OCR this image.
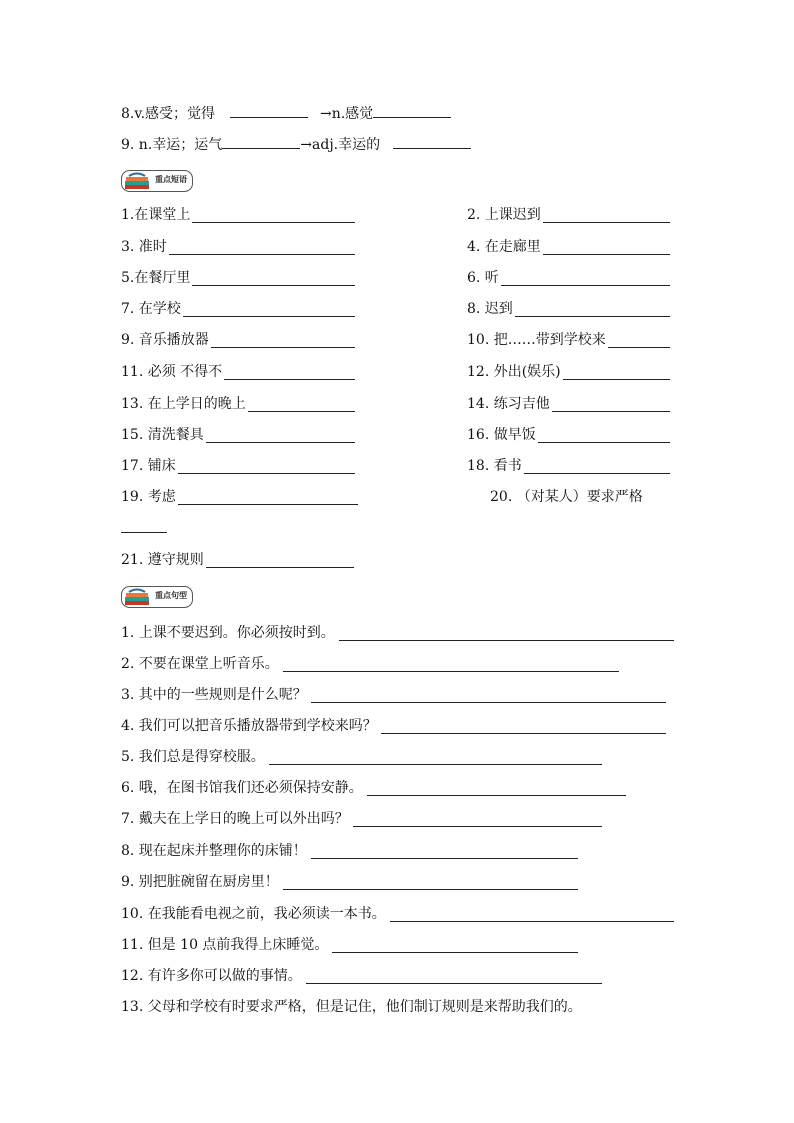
8.v.感受；觉得	→n.感觉
9. n.幸运；运气	→adj.幸运的
重点短语
1.在课堂上	2. 上课迟到
3. 准时	4. 在走廊里
5.在餐厅里	6. 听
7. 在学校	8. 迟到
9. 音乐播放器	10. 把……带到学校来
11. 必须 不得不	12. 外出(娱乐)
13. 在上学日的晚上	14. 练习吉他
15. 清洗餐具	16. 做早饭
17. 铺床	18. 看书
19. 考虑	20. （对某人）要求严格
21. 遵守规则
重点句型
1. 上课不要迟到。你必须按时到。
2. 不要在课堂上听音乐。
3. 其中的一些规则是什么呢？
4. 我们可以把音乐播放器带到学校来吗？
5. 我们总是得穿校服。
6. 哦，在图书馆我们还必须保持安静。
7. 戴夫在上学日的晚上可以外出吗？
8. 现在起床并整理你的床铺！
9. 别把脏碗留在厨房里！
10. 在我能看电视之前，我必须读一本书。
11. 但是 10 点前我得上床睡觉。
12. 有许多你可以做的事情。
13. 父母和学校有时要求严格，但是记住，他们制订规则是来帮助我们的。
